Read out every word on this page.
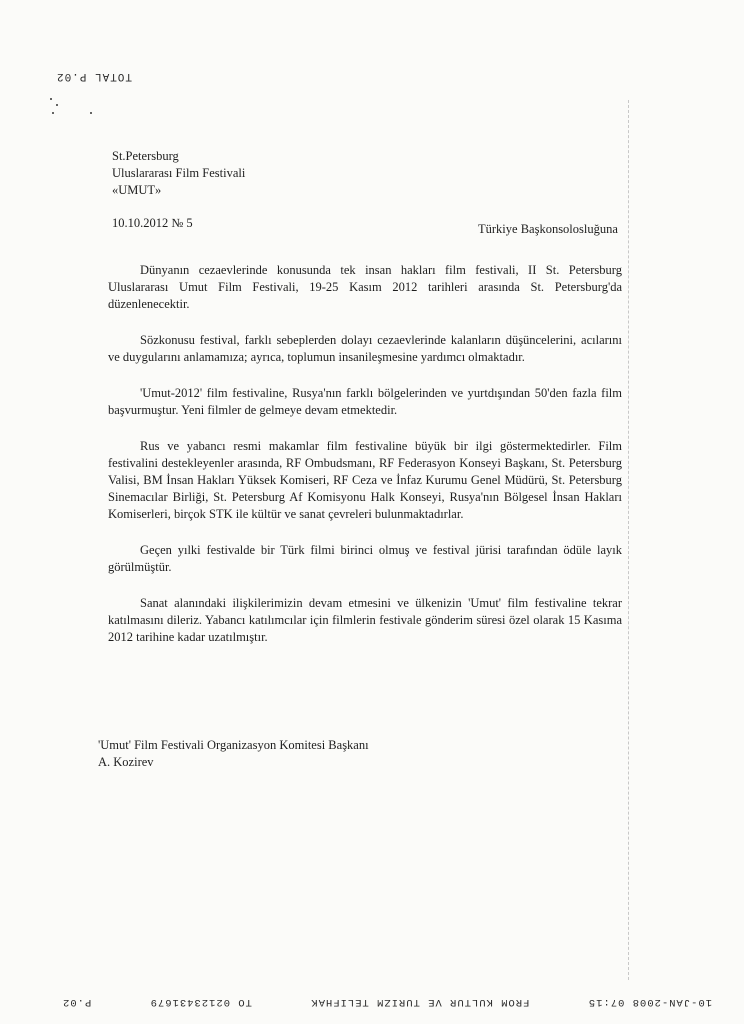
TOTAL P.02
St.Petersburg
Uluslararası Film Festivali
«UMUT»
10.10.2012 № 5	Türkiye Başkonsolosluğuna

Dünyanın cezaevlerinde konusunda tek insan hakları film festivali, II St. Petersburg Uluslararası Umut Film Festivali, 19-25 Kasım 2012 tarihleri arasında St. Petersburg'da düzenlenecektir.

Sözkonusu festival, farklı sebeplerden dolayı cezaevlerinde kalanların düşüncelerini, acılarını ve duygularını anlamamıza; ayrıca, toplumun insanileşmesine yardımcı olmaktadır.

'Umut-2012' film festivaline, Rusya'nın farklı bölgelerinden ve yurtdışından 50'den fazla film başvurmuştur. Yeni filmler de gelmeye devam etmektedir.

Rus ve yabancı resmi makamlar film festivaline büyük bir ilgi göstermektedirler. Film festivalini destekleyenler arasında, RF Ombudsmanı, RF Federasyon Konseyi Başkanı, St. Petersburg Valisi, BM İnsan Hakları Yüksek Komiseri, RF Ceza ve İnfaz Kurumu Genel Müdürü, St. Petersburg Sinemacılar Birliği, St. Petersburg Af Komisyonu Halk Konseyi, Rusya'nın Bölgesel İnsan Hakları Komiserleri, birçok STK ile kültür ve sanat çevreleri bulunmaktadırlar.

Geçen yılki festivalde bir Türk filmi birinci olmuş ve festival jürisi tarafından ödüle layık görülmüştür.

Sanat alanındaki ilişkilerimizin devam etmesini ve ülkenizin 'Umut' film festivaline tekrar katılmasını dileriz. Yabancı katılımcılar için filmlerin festivale gönderim süresi özel olarak 15 Kasıma 2012 tarihine kadar uzatılmıştır.

'Umut' Film Festivali Organizasyon Komitesi Başkanı
A. Kozirev
10-JAN-2008 07:15
FROM KULTUR VE TURIZM TELIFHAK
TO 02123431679
P.02
